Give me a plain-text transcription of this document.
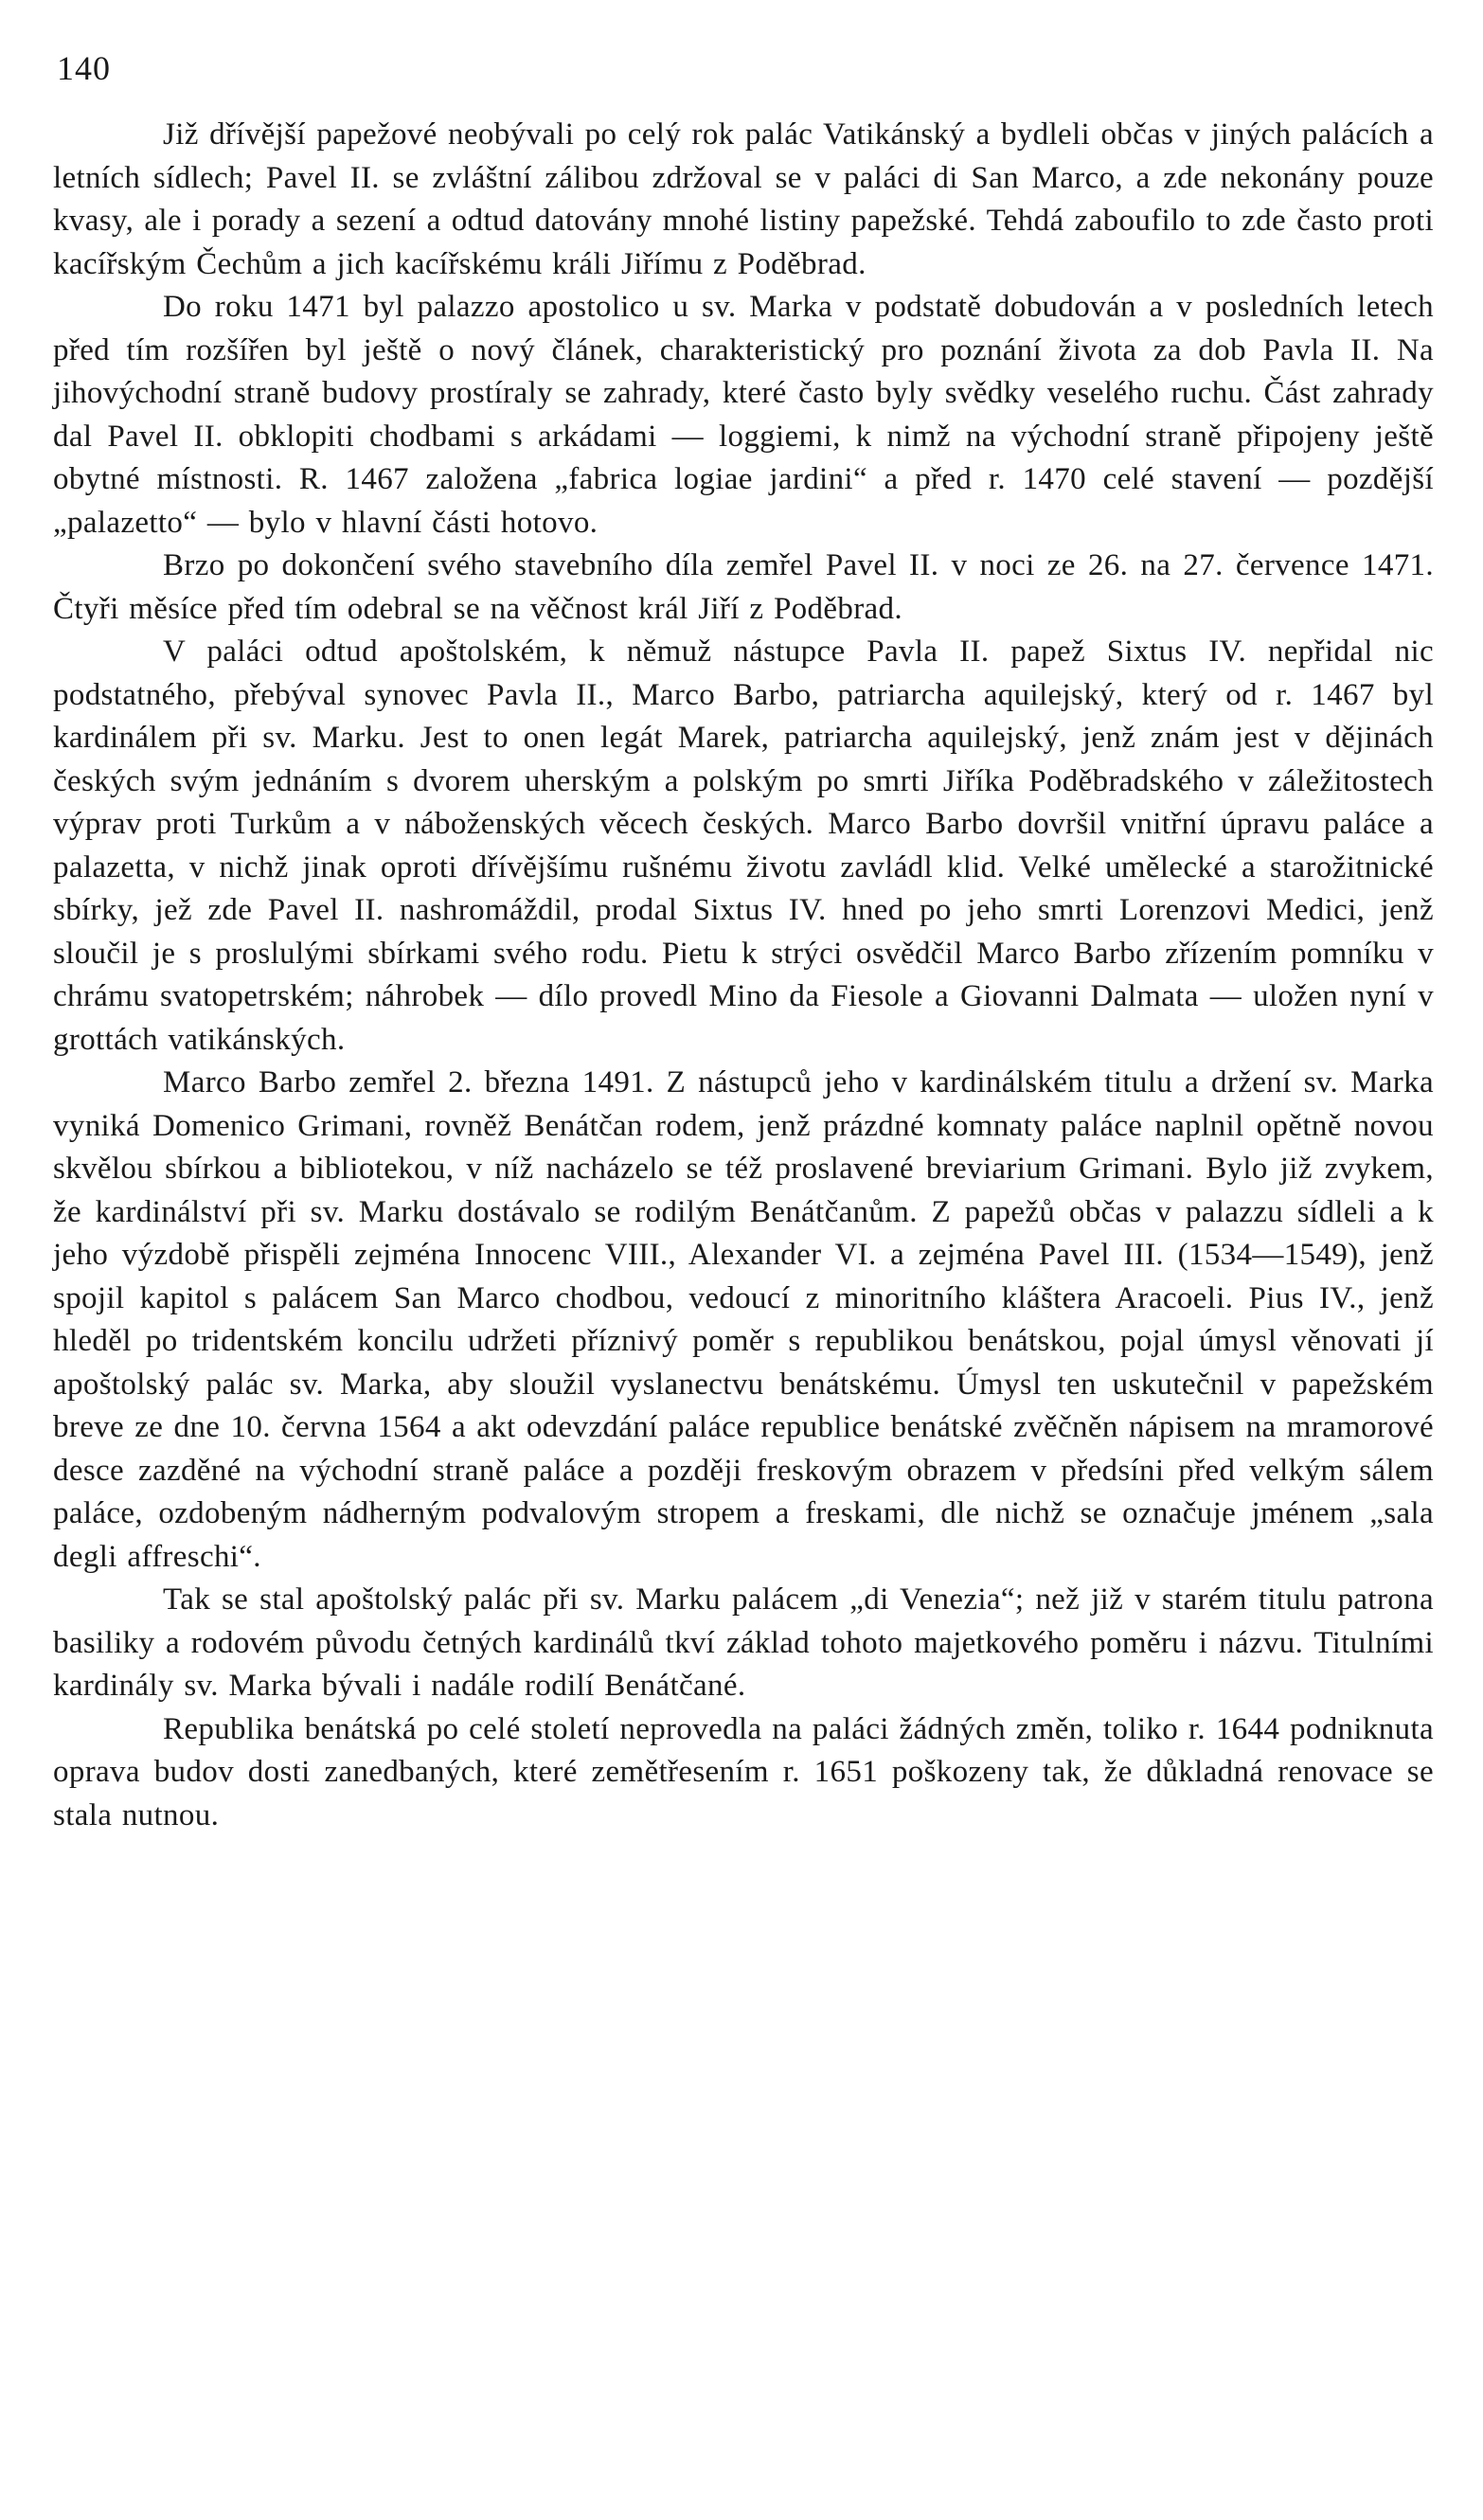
140

Již dřívější papežové neobývali po celý rok palác Vatikánský a bydleli občas v jiných palácích a letních sídlech; Pavel II. se zvláštní zálibou zdržoval se v paláci di San Marco, a zde nekonány pouze kvasy, ale i porady a sezení a odtud datovány mnohé listiny papežské. Tehdá zaboufilo to zde často proti kacířským Čechům a jich kacířskému králi Jiřímu z Poděbrad.

Do roku 1471 byl palazzo apostolico u sv. Marka v podstatě dobudován a v posledních letech před tím rozšířen byl ještě o nový článek, charakteristický pro poznání života za dob Pavla II. Na jihovýchodní straně budovy prostíraly se zahrady, které často byly svědky veselého ruchu. Část zahrady dal Pavel II. obklopiti chodbami s arkádami — loggiemi, k nimž na východní straně připojeny ještě obytné místnosti. R. 1467 založena „fabrica logiae jardini“ a před r. 1470 celé stavení — pozdější „palazetto“ — bylo v hlavní části hotovo.

Brzo po dokončení svého stavebního díla zemřel Pavel II. v noci ze 26. na 27. července 1471. Čtyři měsíce před tím odebral se na věčnost král Jiří z Poděbrad.

V paláci odtud apoštolském, k němuž nástupce Pavla II. papež Sixtus IV. nepřidal nic podstatného, přebýval synovec Pavla II., Marco Barbo, patriarcha aquilejský, který od r. 1467 byl kardinálem při sv. Marku. Jest to onen legát Marek, patriarcha aquilejský, jenž znám jest v dějinách českých svým jednáním s dvorem uherským a polským po smrti Jiříka Poděbradského v záležitostech výprav proti Turkům a v náboženských věcech českých. Marco Barbo dovršil vnitřní úpravu paláce a palazetta, v nichž jinak oproti dřívějšímu rušnému životu zavládl klid. Velké umělecké a starožitnické sbírky, jež zde Pavel II. nashromáždil, prodal Sixtus IV. hned po jeho smrti Lorenzovi Medici, jenž sloučil je s proslulými sbírkami svého rodu. Pietu k strýci osvědčil Marco Barbo zřízením pomníku v chrámu svatopetrském; náhrobek — dílo provedl Mino da Fiesole a Giovanni Dalmata — uložen nyní v grottách vatikánských.

Marco Barbo zemřel 2. března 1491. Z nástupců jeho v kardinálském titulu a držení sv. Marka vyniká Domenico Grimani, rovněž Benátčan rodem, jenž prázdné komnaty paláce naplnil opětně novou skvělou sbírkou a bibliotekou, v níž nacházelo se též proslavené breviarium Grimani. Bylo již zvykem, že kardinálství při sv. Marku dostávalo se rodilým Benátčanům. Z papežů občas v palazzu sídleli a k jeho výzdobě přispěli zejména Innocenc VIII., Alexander VI. a zejména Pavel III. (1534—1549), jenž spojil kapitol s palácem San Marco chodbou, vedoucí z minoritního kláštera Aracoeli. Pius IV., jenž hleděl po tridentském koncilu udržeti příznivý poměr s republikou benátskou, pojal úmysl věnovati jí apoštolský palác sv. Marka, aby sloužil vyslanectvu benátskému. Úmysl ten uskutečnil v papežském breve ze dne 10. června 1564 a akt odevzdání paláce republice benátské zvěčněn nápisem na mramorové desce zazděné na východní straně paláce a později freskovým obrazem v předsíni před velkým sálem paláce, ozdobeným nádherným podvalovým stropem a freskami, dle nichž se označuje jménem „sala degli affreschi“.

Tak se stal apoštolský palác při sv. Marku palácem „di Venezia“; než již v starém titulu patrona basiliky a rodovém původu četných kardinálů tkví základ tohoto majetkového poměru i názvu. Titulními kardinály sv. Marka bývali i nadále rodilí Benátčané.

Republika benátská po celé století neprovedla na paláci žádných změn, toliko r. 1644 podniknuta oprava budov dosti zanedbaných, které zemětřesením r. 1651 poškozeny tak, že důkladná renovace se stala nutnou.
